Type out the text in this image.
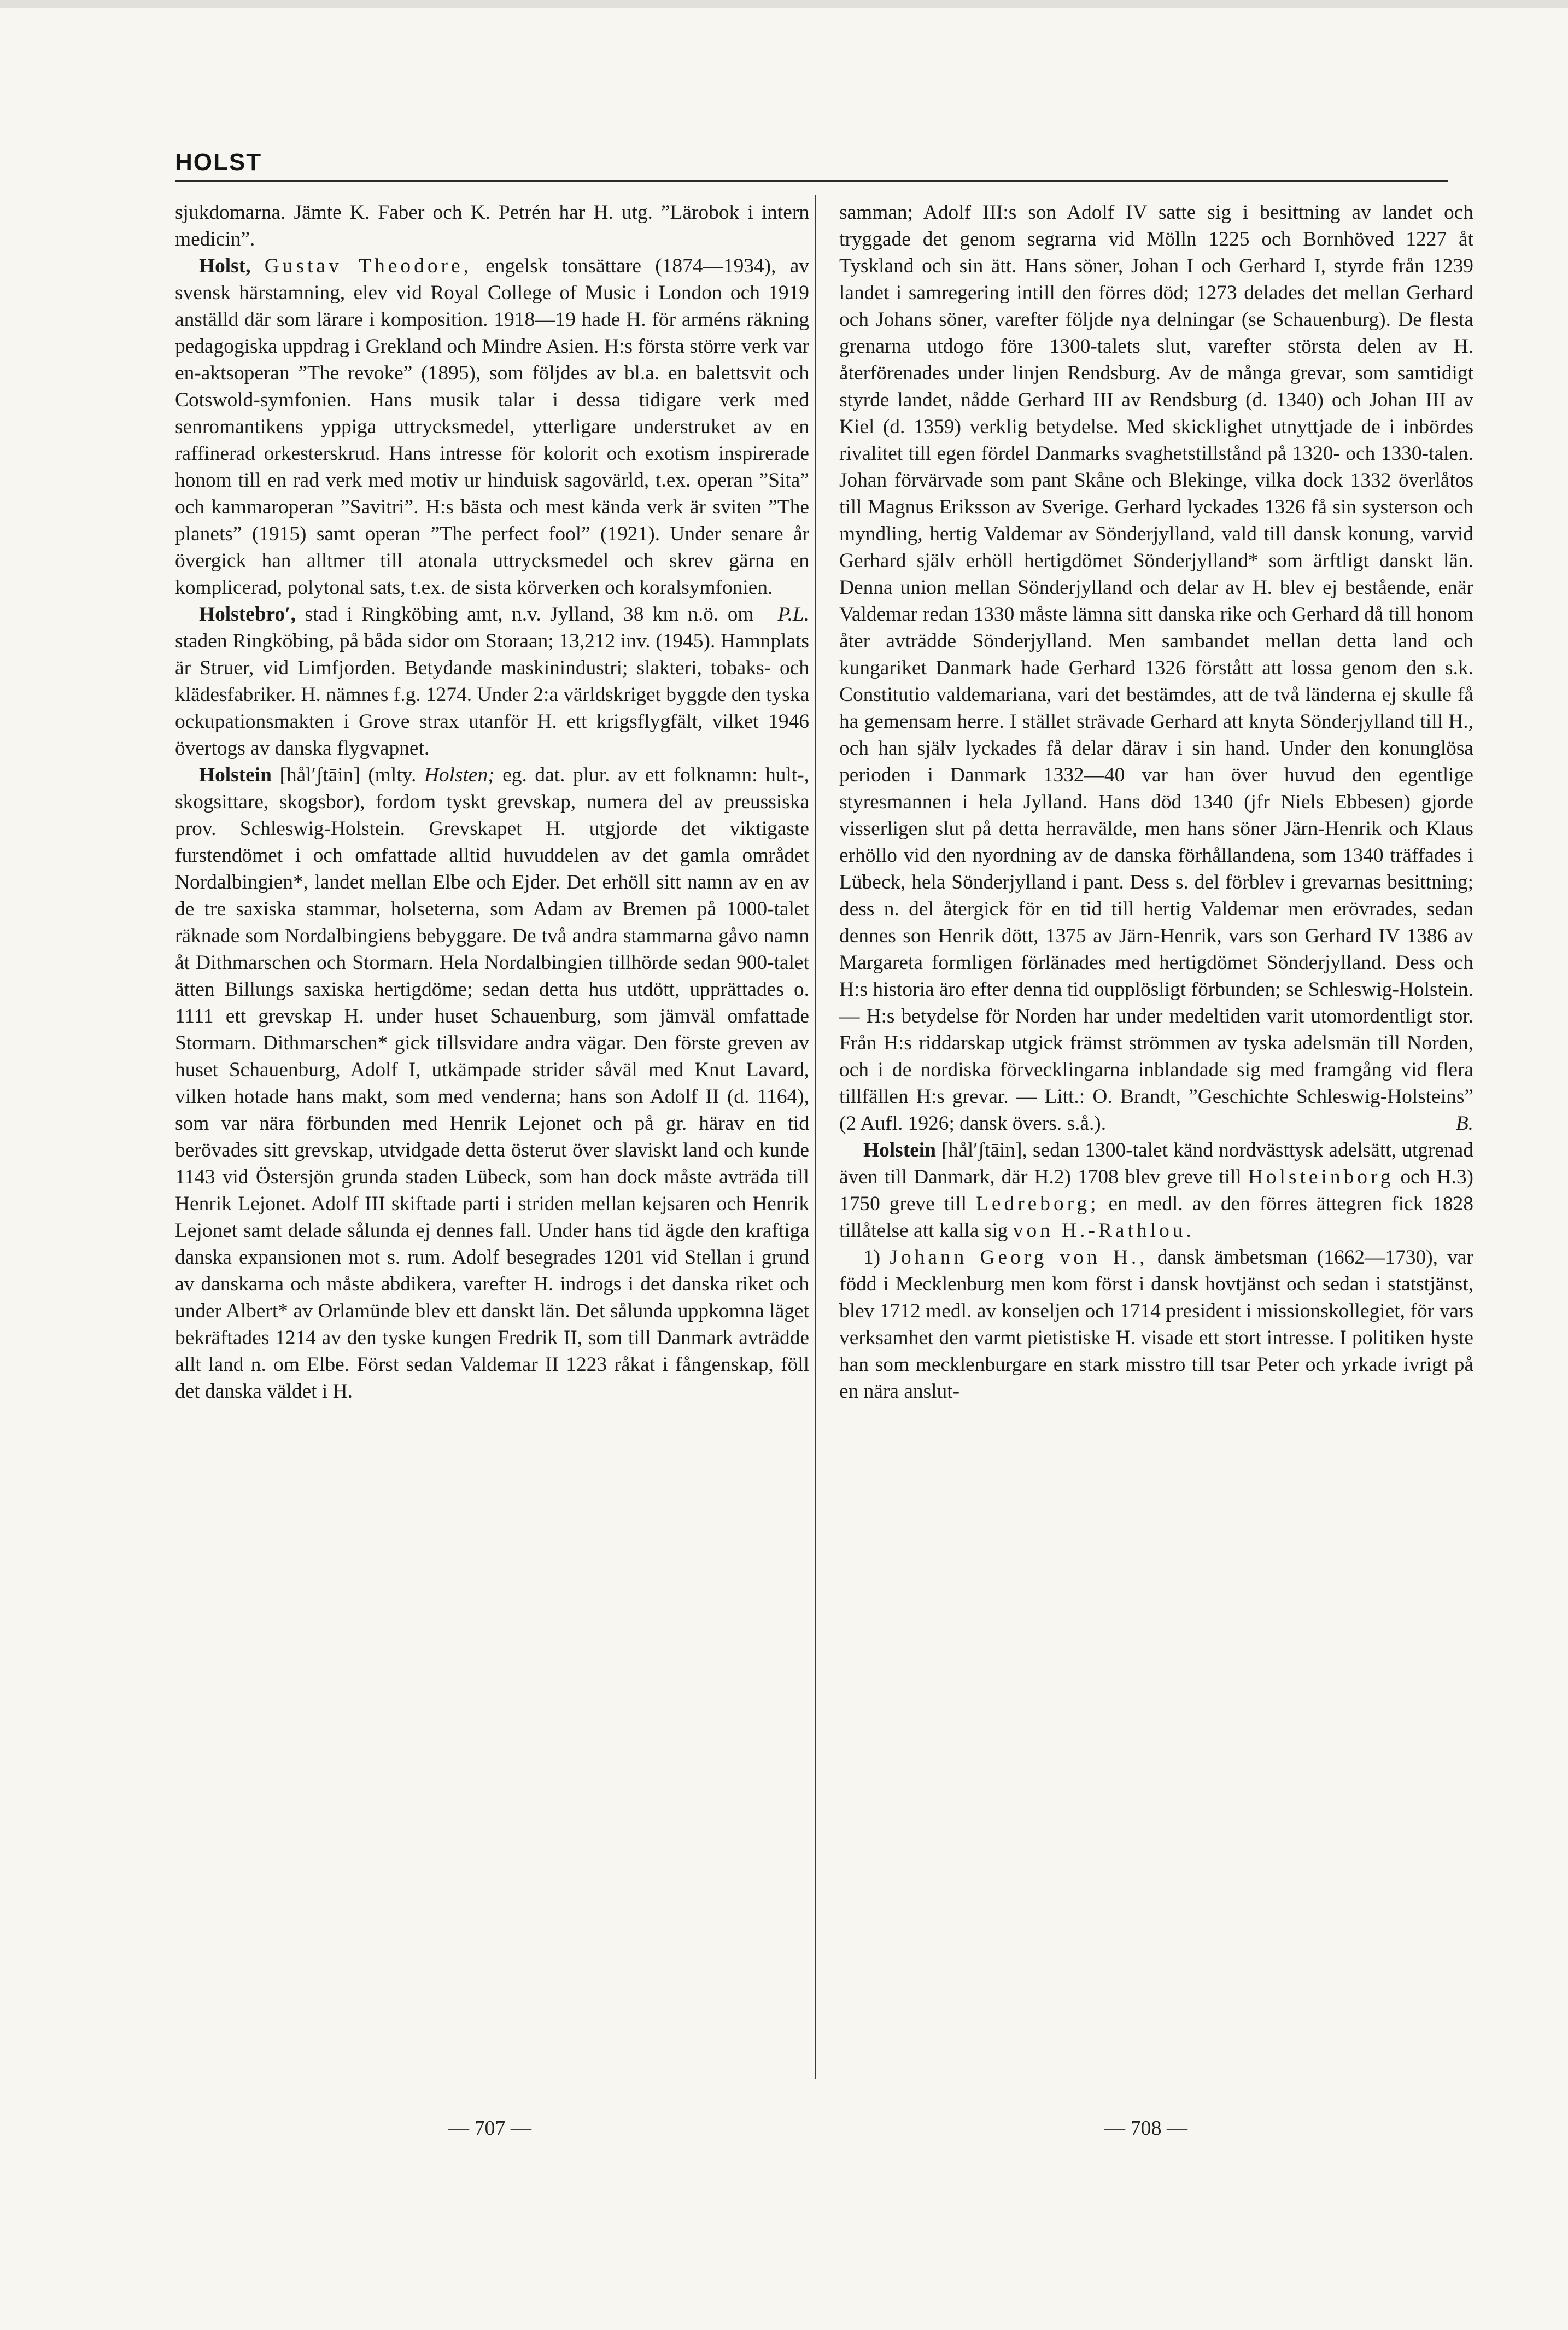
HOLST

sjukdomarna. Jämte K. Faber och K. Petrén har H. utg. ”Lärobok i intern medicin”.

Holst, Gustav Theodore, engelsk tonsättare (1874—1934), av svensk härstamning, elev vid Royal College of Music i London och 1919 anställd där som lärare i komposition. 1918—19 hade H. för arméns räkning pedagogiska uppdrag i Grekland och Mindre Asien. H:s första större verk var en-aktsoperan ”The revoke” (1895), som följdes av bl.a. en balettsvit och Cotswold-symfonien. Hans musik talar i dessa tidigare verk med senromantikens yppiga uttrycksmedel, ytterligare understruket av en raffinerad orkesterskrud. Hans intresse för kolorit och exotism inspirerade honom till en rad verk med motiv ur hinduisk sagovärld, t.ex. operan ”Sita” och kammaroperan ”Savitri”. H:s bästa och mest kända verk är sviten ”The planets” (1915) samt operan ”The perfect fool” (1921). Under senare år övergick han alltmer till atonala uttrycksmedel och skrev gärna en komplicerad, polytonal sats, t.ex. de sista körverken och koralsymfonien.
P.L.

Holstebro′, stad i Ringköbing amt, n.v. Jylland, 38 km n.ö. om staden Ringköbing, på båda sidor om Storaan; 13,212 inv. (1945). Hamnplats är Struer, vid Limfjorden. Betydande maskinindustri; slakteri, tobaks- och klädesfabriker. H. nämnes f.g. 1274. Under 2:a världskriget byggde den tyska ockupationsmakten i Grove strax utanför H. ett krigsflygfält, vilket 1946 övertogs av danska flygvapnet.

Holstein [hål′ʃtāin] (mlty. Holsten; eg. dat. plur. av ett folknamn: hult-, skogsittare, skogsbor), fordom tyskt grevskap, numera del av preussiska prov. Schleswig-Holstein. Grevskapet H. utgjorde det viktigaste furstendömet i och omfattade alltid huvuddelen av det gamla området Nordalbingien*, landet mellan Elbe och Ejder. Det erhöll sitt namn av en av de tre saxiska stammar, holseterna, som Adam av Bremen på 1000-talet räknade som Nordalbingiens bebyggare. De två andra stammarna gåvo namn åt Dithmarschen och Stormarn. Hela Nordalbingien tillhörde sedan 900-talet ätten Billungs saxiska hertigdöme; sedan detta hus utdött, upprättades o. 1111 ett grevskap H. under huset Schauenburg, som jämväl omfattade Stormarn. Dithmarschen* gick tillsvidare andra vägar. Den förste greven av huset Schauenburg, Adolf I, utkämpade strider såväl med Knut Lavard, vilken hotade hans makt, som med venderna; hans son Adolf II (d. 1164), som var nära förbunden med Henrik Lejonet och på gr. härav en tid berövades sitt grevskap, utvidgade detta österut över slaviskt land och kunde 1143 vid Östersjön grunda staden Lübeck, som han dock måste avträda till Henrik Lejonet. Adolf III skiftade parti i striden mellan kejsaren och Henrik Lejonet samt delade sålunda ej dennes fall. Under hans tid ägde den kraftiga danska expansionen mot s. rum. Adolf besegrades 1201 vid Stellan i grund av danskarna och måste abdikera, varefter H. indrogs i det danska riket och under Albert* av Orlamünde blev ett danskt län. Det sålunda uppkomna läget bekräftades 1214 av den tyske kungen Fredrik II, som till Danmark avträdde allt land n. om Elbe. Först sedan Valdemar II 1223 råkat i fångenskap, föll det danska väldet i H.

samman; Adolf III:s son Adolf IV satte sig i besittning av landet och tryggade det genom segrarna vid Mölln 1225 och Bornhöved 1227 åt Tyskland och sin ätt. Hans söner, Johan I och Gerhard I, styrde från 1239 landet i samregering intill den förres död; 1273 delades det mellan Gerhard och Johans söner, varefter följde nya delningar (se Schauenburg). De flesta grenarna utdogo före 1300-talets slut, varefter största delen av H. återförenades under linjen Rendsburg. Av de många grevar, som samtidigt styrde landet, nådde Gerhard III av Rendsburg (d. 1340) och Johan III av Kiel (d. 1359) verklig betydelse. Med skicklighet utnyttjade de i inbördes rivalitet till egen fördel Danmarks svaghetstillstånd på 1320- och 1330-talen. Johan förvärvade som pant Skåne och Blekinge, vilka dock 1332 överlåtos till Magnus Eriksson av Sverige. Gerhard lyckades 1326 få sin systerson och myndling, hertig Valdemar av Sönderjylland, vald till dansk konung, varvid Gerhard själv erhöll hertigdömet Sönderjylland* som ärftligt danskt län. Denna union mellan Sönderjylland och delar av H. blev ej bestående, enär Valdemar redan 1330 måste lämna sitt danska rike och Gerhard då till honom åter avträdde Sönderjylland. Men sambandet mellan detta land och kungariket Danmark hade Gerhard 1326 förstått att lossa genom den s.k. Constitutio valdemariana, vari det bestämdes, att de två länderna ej skulle få ha gemensam herre. I stället strävade Gerhard att knyta Sönderjylland till H., och han själv lyckades få delar därav i sin hand. Under den konunglösa perioden i Danmark 1332—40 var han över huvud den egentlige styresmannen i hela Jylland. Hans död 1340 (jfr Niels Ebbesen) gjorde visserligen slut på detta herravälde, men hans söner Järn-Henrik och Klaus erhöllo vid den nyordning av de danska förhållandena, som 1340 träffades i Lübeck, hela Sönderjylland i pant. Dess s. del förblev i grevarnas besittning; dess n. del återgick för en tid till hertig Valdemar men erövrades, sedan dennes son Henrik dött, 1375 av Järn-Henrik, vars son Gerhard IV 1386 av Margareta formligen förlänades med hertigdömet Sönderjylland. Dess och H:s historia äro efter denna tid oupplösligt förbunden; se Schleswig-Holstein. — H:s betydelse för Norden har under medeltiden varit utomordentligt stor. Från H:s riddarskap utgick främst strömmen av tyska adelsmän till Norden, och i de nordiska förvecklingarna inblandade sig med framgång vid flera tillfällen H:s grevar. — Litt.: O. Brandt, ”Geschichte Schleswig-Holsteins” (2 Aufl. 1926; dansk övers. s.å.).	B.

Holstein [hål′ʃtāin], sedan 1300-talet känd nordvästtysk adelsätt, utgrenad även till Danmark, där H.2) 1708 blev greve till Holsteinborg och H.3) 1750 greve till Ledreborg; en medl. av den förres ättegren fick 1828 tillåtelse att kalla sig von H.-Rathlou.

1) Johann Georg von H., dansk ämbetsman (1662—1730), var född i Mecklenburg men kom först i dansk hovtjänst och sedan i statstjänst, blev 1712 medl. av konseljen och 1714 president i missionskollegiet, för vars verksamhet den varmt pietistiske H. visade ett stort intresse. I politiken hyste han som mecklenburgare en stark misstro till tsar Peter och yrkade ivrigt på en nära anslut-

— 707 —	— 708 —
